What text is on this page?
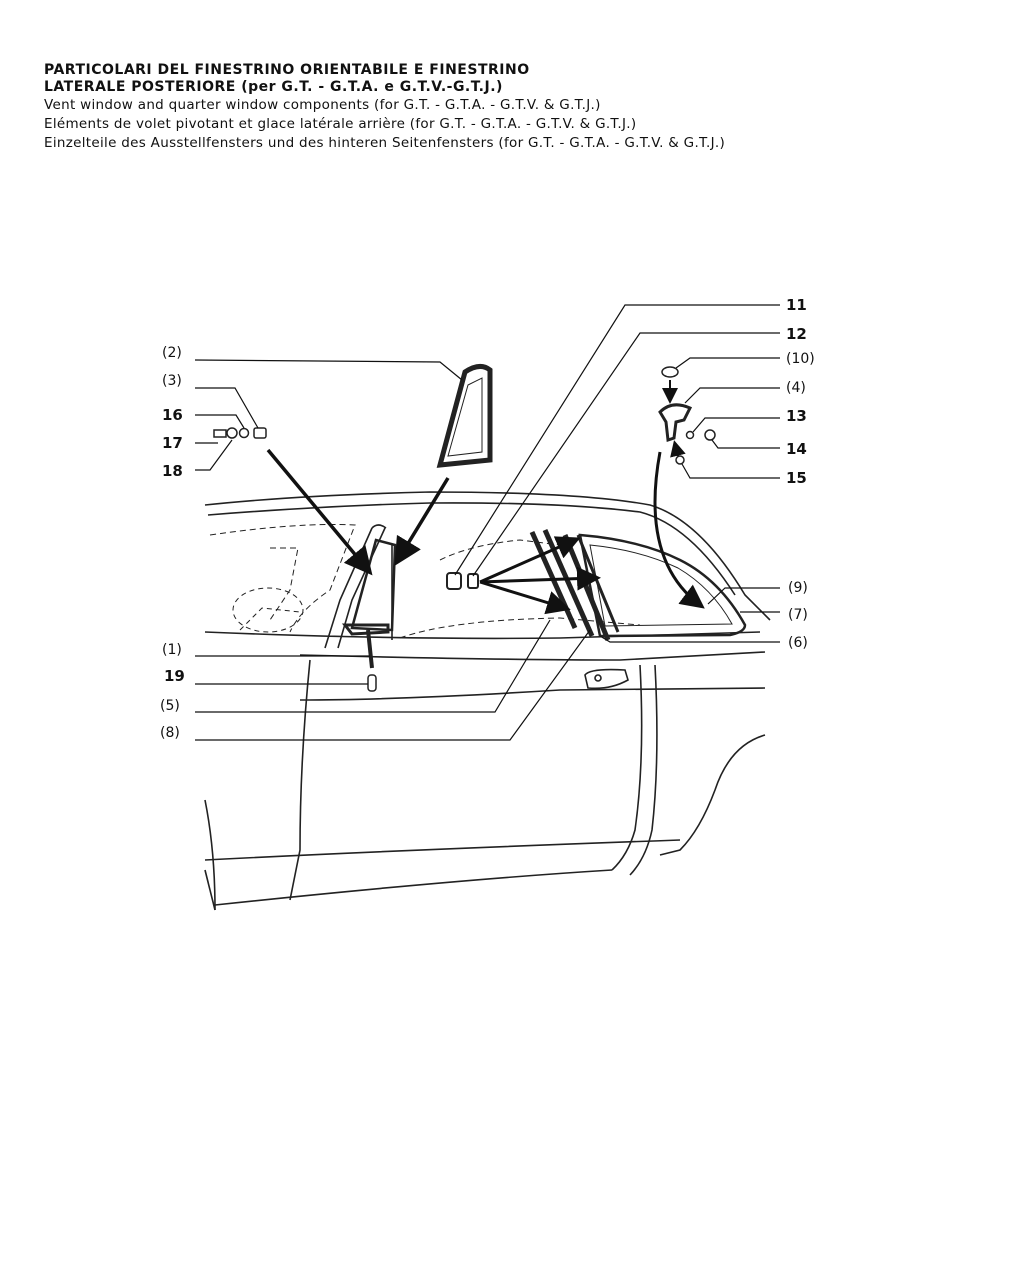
PARTICOLARI DEL FINESTRINO ORIENTABILE E FINESTRINO

LATERALE POSTERIORE (per G.T. - G.T.A. e G.T.V.-G.T.J.)

Vent window and quarter window components (for G.T. - G.T.A. - G.T.V. & G.T.J.)

Eléments de volet pivotant et glace latérale arrière (for G.T. - G.T.A. - G.T.V. & G.T.J.)

Einzelteile des Ausstellfensters und des hinteren Seitenfensters (for G.T. - G.T.A. - G.T.V. & G.T.J.)

(2)
(3)
16
17
18
(1)
19
(5)
(8)
11
12
(10)
(4)
13
14
15
(9)
(7)
(6)
